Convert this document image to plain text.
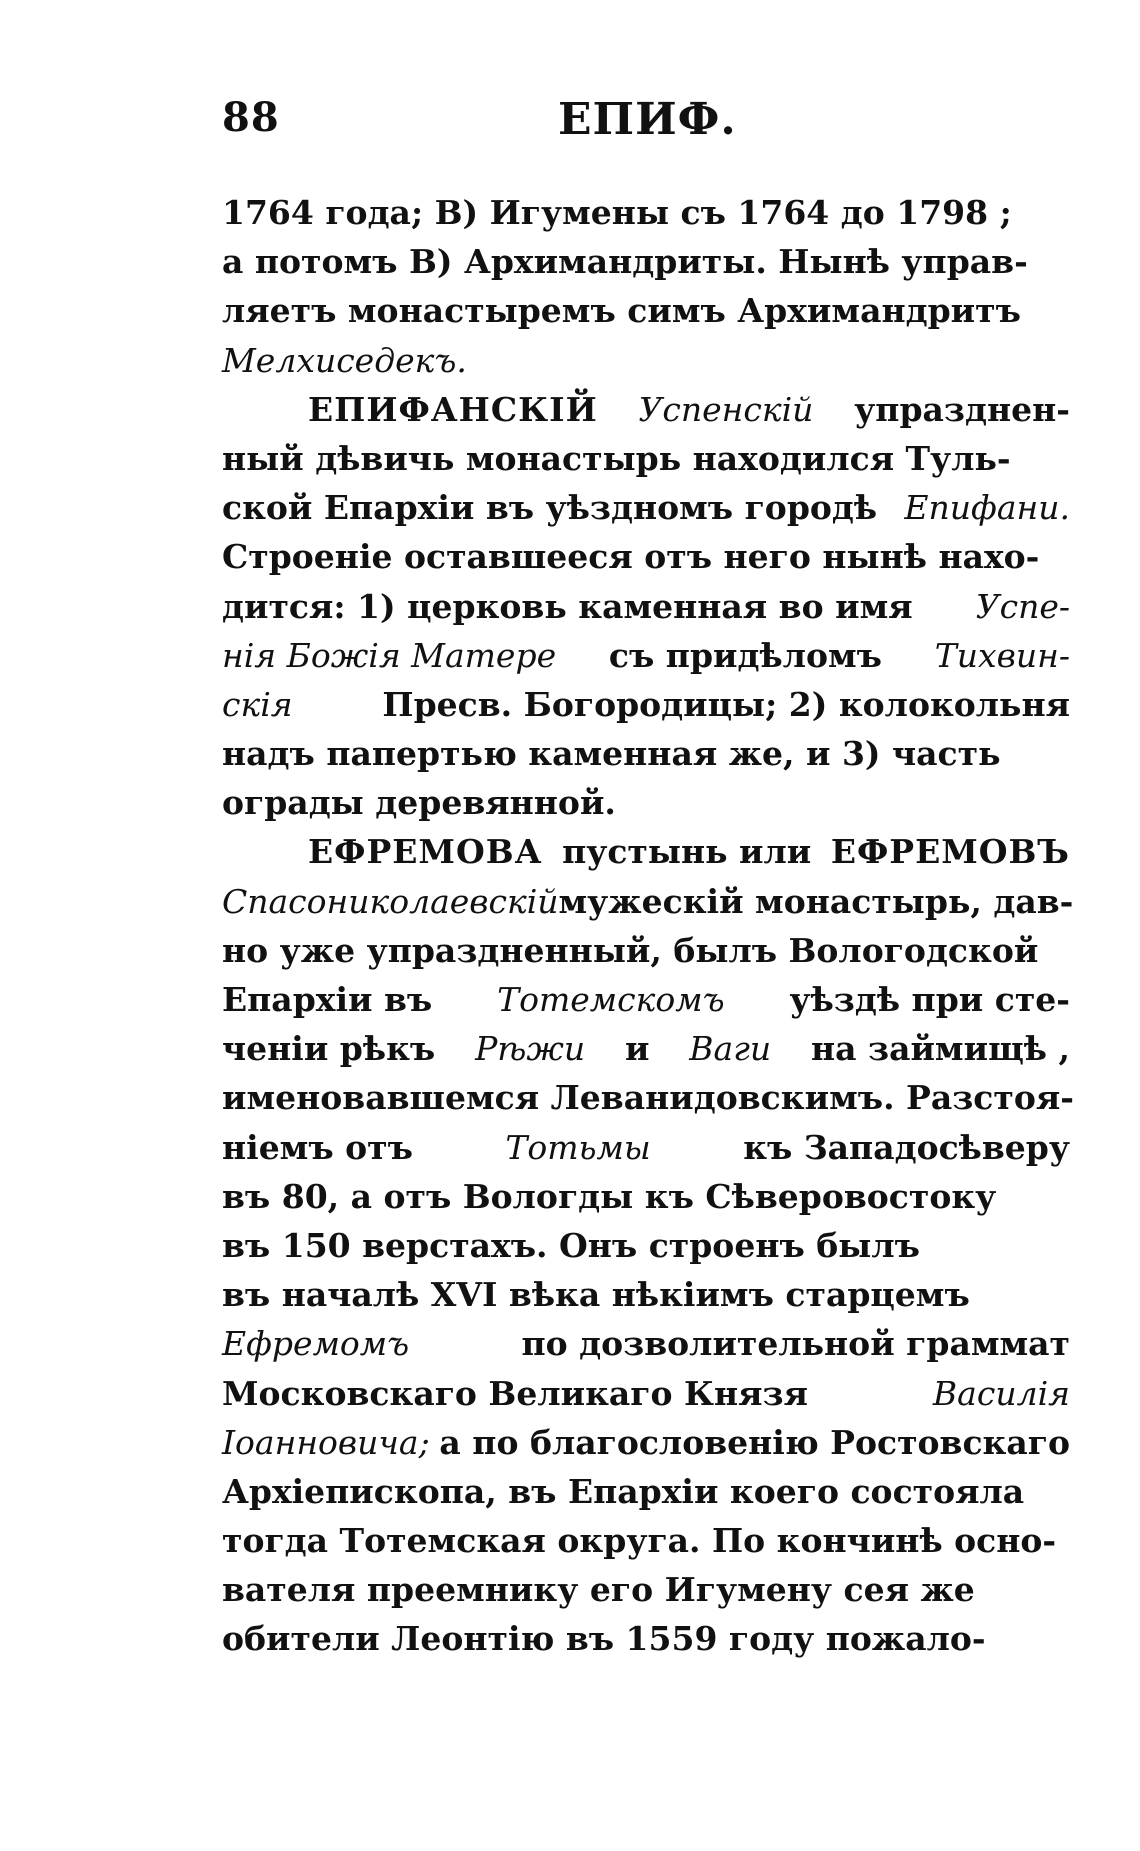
88	ЕПИФ.
1764 года; В) Игумены съ 1764 до 1798 ;
а потомъ В) Архимандриты. Нынѣ управ-
ляетъ монастыремъ симъ Архимандритъ
Мелхиседекъ.
ЕПИФАНСКІЙ Успенскій упразднен-
ный дѣвичь монастырь находился Туль-
ской Епархіи въ уѣздномъ городѣ Епифани.
Строеніе оставшееся отъ него нынѣ нахо-
дится: 1) церковь каменная во имя Успе-
нія Божія Матере съ придѣломъ Тихвин-
скія	Пресв. Богородицы; 2) колокольня
надъ папертью каменная же, и 3) часть
ограды деревянной.
ЕФРЕМОВА пустынь или ЕФРЕМОВЪ
Спасониколаевскій мужескій монастырь, дав-
но уже упраздненный, былъ Вологодской
Епархіи въ Тотемскомъ уѣздѣ при сте-
ченіи рѣкъ Рѣжи и Ваги на займищѣ ,
именовавшемся Леванидовскимъ. Разстоя-
ніемъ отъ	Тотьмы	къ Западосѣверу
въ 80, а отъ Вологды къ Сѣверовостоку
въ 150 верстахъ. Онъ строенъ былъ
въ началѣ XVI вѣка нѣкіимъ старцемъ
Ефремомъ	по дозволительной граммат
Московскаго Великаго Князя	Василія
Іоанновича; а по благословенію Ростовскаго
Архіепископа, въ Епархіи коего состояла
тогда Тотемская округа. По кончинѣ осно-
вателя преемнику его Игумену сея же
обители Леонтію въ 1559 году пожало-
